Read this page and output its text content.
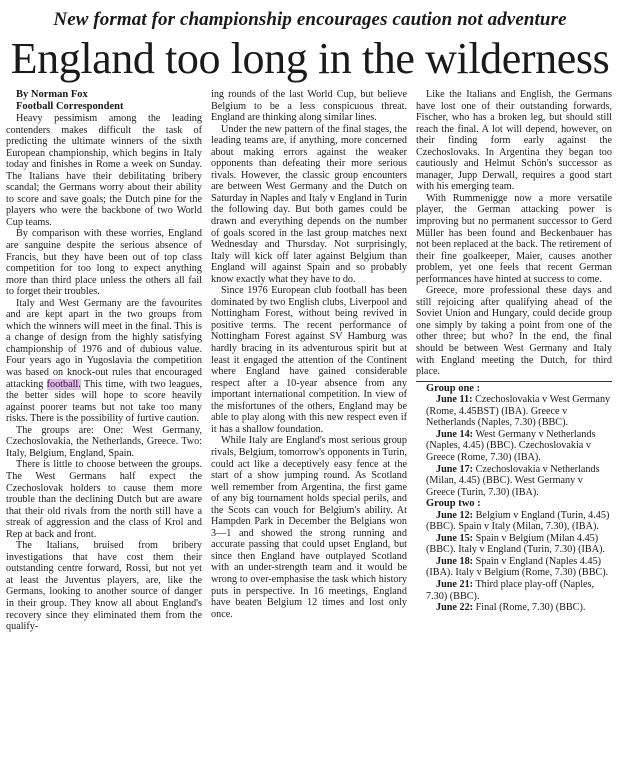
New format for championship encourages caution not adventure
England too long in the wilderness

By Norman Fox

Football Correspondent

Heavy pessimism among the leading contenders makes difficult the task of predicting the ultimate winners of the sixth European championship, which begins in Italy today and finishes in Rome a week on Sunday. The Italians have their debilitating bribery scandal; the Germans worry about their ability to score and save goals; the Dutch pine for the players who were the backbone of two World Cup teams.

By comparison with these worries, England are sanguine despite the serious absence of Francis, but they have been out of top class competition for too long to expect anything more than third place unless the others all fail to forget their troubles.

Italy and West Germany are the favourites and are kept apart in the two groups from which the winners will meet in the final. This is a change of design from the highly satisfying championship of 1976 and of dubious value. Four years ago in Yugoslavia the competition was based on knock-out rules that encouraged attacking football. This time, with two leagues, the better sides will hope to score heavily against poorer teams but not take too many risks. There is the possibility of furtive caution.

The groups are: One: West Germany, Czechoslovakia, the Netherlands, Greece. Two: Italy, Belgium, England, Spain.

There is little to choose between the groups. The West Germans half expect the Czechoslovak holders to cause them more trouble than the declining Dutch but are aware that their old rivals from the north still have a streak of aggression and the class of Krol and Rep at back and front.

The Italians, bruised from bribery investigations that have cost them their outstanding centre forward, Rossi, but not yet at least the Juventus players, are, like the Germans, looking to another source of danger in their group. They know all about England's recovery since they eliminated them from the qualify-

ing rounds of the last World Cup, but believe Belgium to be a less conspicuous threat. England are thinking along similar lines.

Under the new pattern of the final stages, the leading teams are, if anything, more concerned about making errors against the weaker opponents than defeating their more serious rivals. However, the classic group encounters are between West Germany and the Dutch on Saturday in Naples and Italy v England in Turin the following day. But both games could be drawn and everything depends on the number of goals scored in the last group matches next Wednesday and Thursday. Not surprisingly, Italy will kick off later against Belgium than England will against Spain and so probably know exactly what they have to do.

Since 1976 European club football has been dominated by two English clubs, Liverpool and Nottingham Forest, without being revived in positive terms. The recent performance of Nottingham Forest against SV Hamburg was hardly bracing in its adventurous spirit but at least it engaged the attention of the Continent where England have gained considerable respect after a 10-year absence from any important international competition. In view of the misfortunes of the others, England may be able to play along with this new respect even if it has a shallow foundation.

While Italy are England's most serious group rivals, Belgium, tomorrow's opponents in Turin, could act like a deceptively easy fence at the start of a show jumping round. As Scotland well remember from Argentina, the first game of any big tournament holds special perils, and the Scots can vouch for Belgium's ability. At Hampden Park in December the Belgians won 3—1 and showed the strong running and accurate passing that could upset England, but since then England have outplayed Scotland with an under-strength team and it would be wrong to over-emphasise the task which history puts in perspective. In 16 meetings, England have beaten Belgium 12 times and lost only once.

Like the Italians and English, the Germans have lost one of their outstanding forwards, Fischer, who has a broken leg, but should still reach the final. A lot will depend, however, on their finding form early against the Czechoslovaks. In Argentina they began too cautiously and Helmut Schön's successor as manager, Jupp Derwall, requires a good start with his emerging team.

With Rummenigge now a more versatile player, the German attacking power is improving but no permanent successor to Gerd Müller has been found and Beckenbauer has not been replaced at the back. The retirement of their fine goalkeeper, Maier, causes another problem, yet one feels that recent German performances have hinted at success to come.

Greece, more professional these days and still rejoicing after qualifying ahead of the Soviet Union and Hungary, could decide group one simply by taking a point from one of the other three; but who? In the end, the final should be between West Germany and Italy with England meeting the Dutch, for third place.

Group one :

June 11: Czechoslovakia v West Germany (Rome, 4.45BST) (IBA). Greece v Netherlands (Naples, 7.30) (BBC).

June 14: West Germany v Netherlands (Naples, 4.45) (BBC). Czechoslovakia v Greece (Rome, 7.30) (IBA).

June 17: Czechoslovakia v Netherlands (Milan, 4.45) (BBC). West Germany v Greece (Turin, 7.30) (IBA).

Group two :

June 12: Belgium v England (Turin, 4.45) (BBC). Spain v Italy (Milan, 7.30), (IBA).

June 15: Spain v Belgium (Milan 4.45) (BBC). Italy v England (Turin, 7.30) (IBA).

June 18: Spain v England (Naples 4.45) (IBA). Italy v Belgium (Rome, 7.30) (BBC).

June 21: Third place play-off (Naples, 7.30) (BBC).

June 22: Final (Rome, 7.30) (BBC).
